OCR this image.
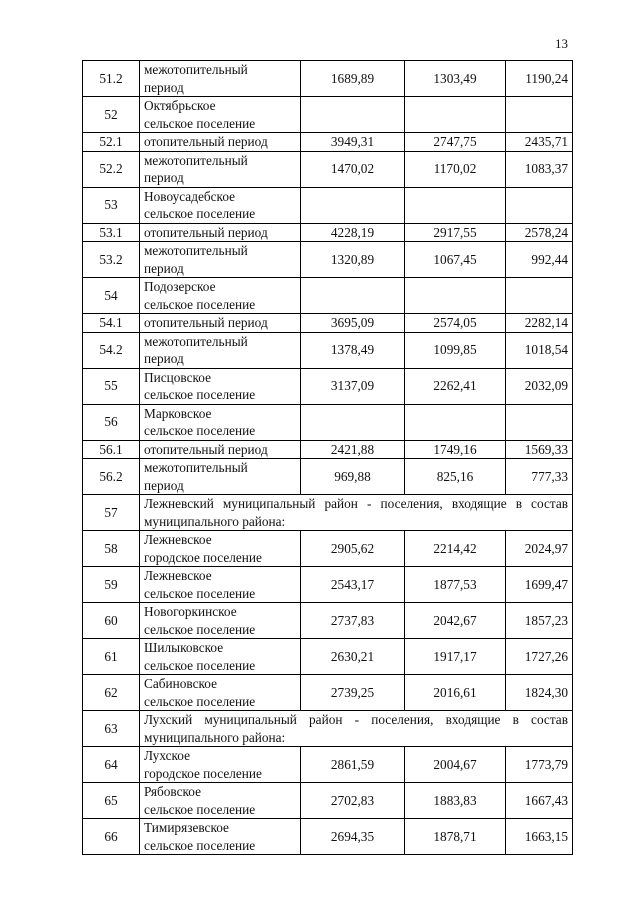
13
51.2	межотопительный
период	1689,89	1303,49	1190,24
52	Октябрьское
сельское поселение			

52.1	отопительный период	3949,31	2747,75	2435,71
52.2	межотопительный
период	1470,02	1170,02	1083,37
53	Новоусадебское
сельское поселение			

53.1	отопительный период	4228,19	2917,55	2578,24
53.2	межотопительный
период	1320,89	1067,45	992,44
54	Подозерское
сельское поселение			

54.1	отопительный период	3695,09	2574,05	2282,14
54.2	межотопительный
период	1378,49	1099,85	1018,54
55	Писцовское
сельское поселение	3137,09	2262,41	2032,09
56	Марковское
сельское поселение			

56.1	отопительный период	2421,88	1749,16	1569,33
56.2	межотопительный
период	969,88	825,16	777,33
57	Лежневский муниципальный район - поселения, входящие в состав муниципального района:			
58	Лежневское
городское поселение	2905,62	2214,42	2024,97
59	Лежневское
сельское поселение	2543,17	1877,53	1699,47
60	Новогоркинское
сельское поселение	2737,83	2042,67	1857,23
61	Шилыковское
сельское поселение	2630,21	1917,17	1727,26
62	Сабиновское
сельское поселение	2739,25	2016,61	1824,30
63	Лухский муниципальный район - поселения, входящие в состав муниципального района:			
64	Лухское
городское поселение	2861,59	2004,67	1773,79
65	Рябовское
сельское поселение	2702,83	1883,83	1667,43
66	Тимирязевское
сельское поселение	2694,35	1878,71	1663,15
